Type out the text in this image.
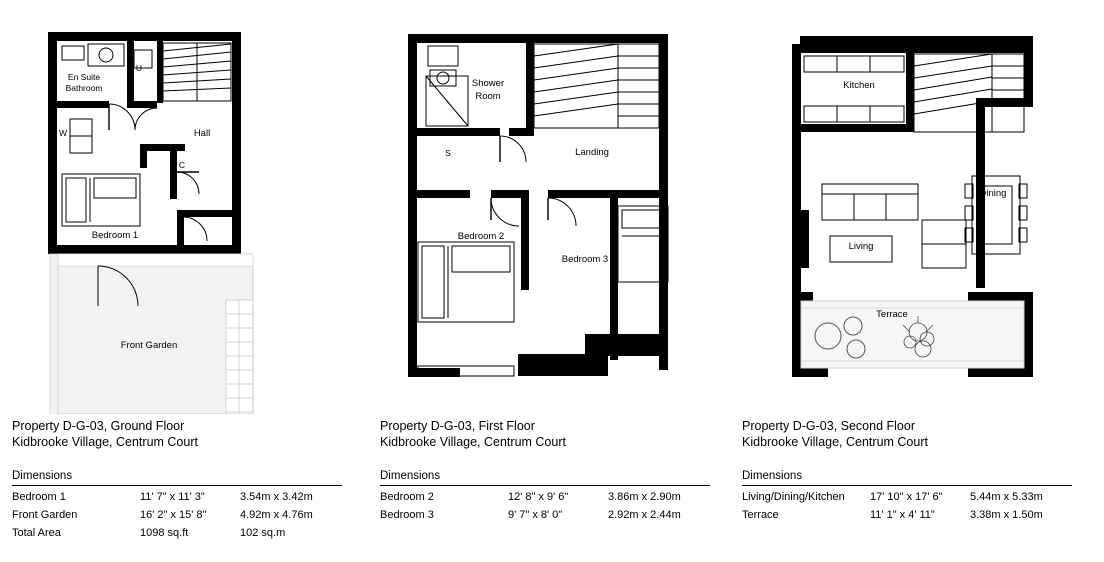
En Suite
Bathroom
U
W
C
Hall
Bedroom 1
Front Garden
Property D-G-03, Ground Floor
Kidbrooke Village, Centrum Court
Dimensions
Bedroom 1	11' 7" x 11' 3"	3.54m x 3.42m
Front Garden	16' 2" x 15' 8"	4.92m x 4.76m
Total Area	1098 sq.ft	102 sq.m
Shower
Room
S	Landing
Bedroom 2
Bedroom 3
Property D-G-03, First Floor
Kidbrooke Village, Centrum Court
Dimensions
Bedroom 2	12' 8" x 9' 6"	3.86m x 2.90m
Bedroom 3	9' 7" x 8' 0"	2.92m x 2.44m
Kitchen
Dining
Living
Terrace
Property D-G-03, Second Floor
Kidbrooke Village, Centrum Court
Dimensions
Living/Dining/Kitchen	17' 10" x 17' 6"	5.44m x 5.33m
Terrace	11' 1" x 4' 11"	3.38m x 1.50m
